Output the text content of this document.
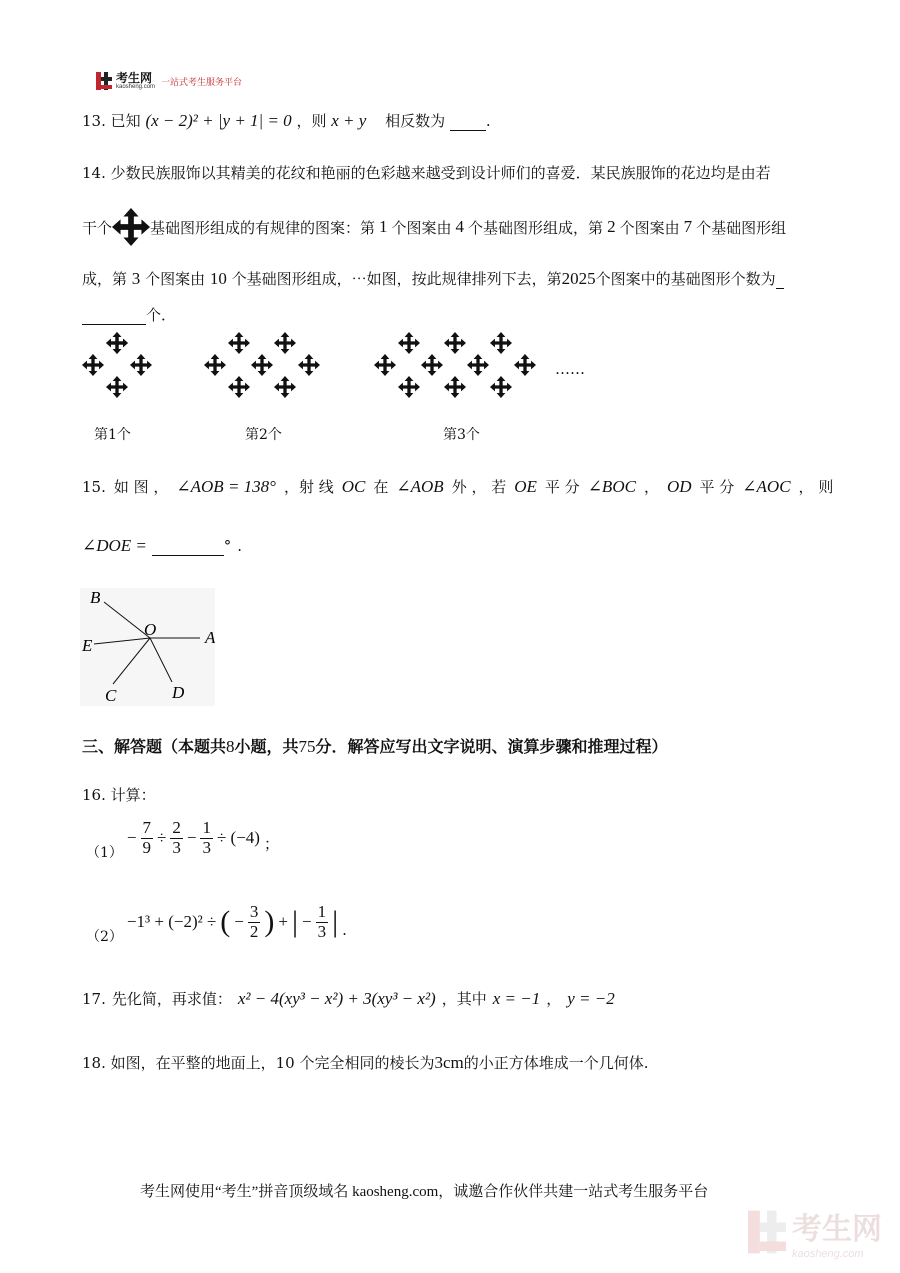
考生网
kaosheng.com 一站式考生服务平台
13. 已知 (x − 2)² + |y + 1| = 0 ，则 x + y 相反数为	.
14. 少数民族服饰以其精美的花纹和艳丽的色彩越来越受到设计师们的喜爱．某民族服饰的花边均是由若
干个	基础图形组成的有规律的图案：第 1 个图案由 4 个基础图形组成，第 2 个图案由 7 个基础图形组
成，第 3 个图案由 10 个基础图形组成，⋯如图，按此规律排列下去，第2025个图案中的基础图形个数为
个．
……
第1个	第2个	第3个
15. 如 图 ， ∠AOB = 138° ，射 线 OC 在 ∠AOB 外 ， 若 OE 平 分 ∠BOC ， OD 平 分 ∠AOC ， 则
∠DOE =	° .
B
O	A
E
C	D
三、解答题（本题共8小题，共75分．解答应写出文字说明、演算步骤和推理过程）
16. 计算：
（1）
− $\frac{7}{9} \div \frac{2}{3} - \frac{1}{3} \div (-4)$ ；
（2）
−1³ + (−2)² ÷ ( − $\frac{3}{2}$ ) + | − $\frac{1}{3}$ | .
17. 先化简，再求值： x² − 4(xy³ − x²) + 3(xy³ − x²) ，其中 x = −1 ， y = −2
18. 如图，在平整的地面上，10 个完全相同的棱长为3cm的小正方体堆成一个几何体.
考生网使用“考生”拼音顶级域名 kaosheng.com，诚邀合作伙伴共建一站式考生服务平台
考生网
kaosheng.com
